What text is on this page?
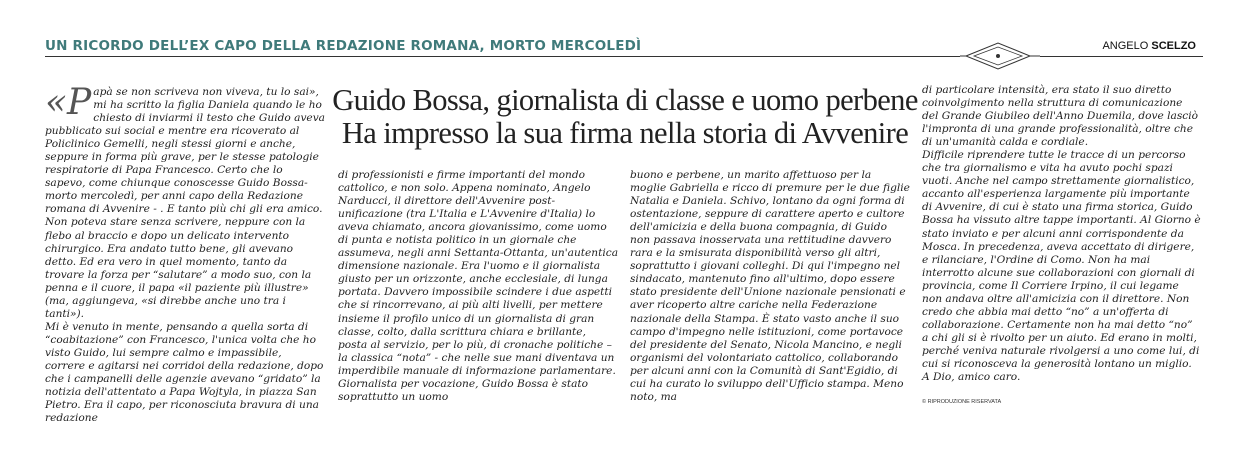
UN RICORDO DELL’EX CAPO DELLA REDAZIONE ROMANA, MORTO MERCOLEDÌ	ANGELO SCELZO

«P apà se non scriveva non viveva, tu lo sai», mi ha scritto la figlia Daniela quando le ho chiesto di inviarmi il testo che Guido aveva pubblicato sui social e mentre era ricoverato al Policlinico Gemelli, negli stessi giorni e anche, seppure in forma più grave, per le stesse patologie respiratorie di Papa Francesco. Certo che lo sapevo, come chiunque conoscesse Guido Bossa- morto mercoledì, per anni capo della Redazione romana di Avvenire - . E tanto più chi gli era amico. Non poteva stare senza scrivere, neppure con la flebo al braccio e dopo un delicato intervento chirurgico. Era andato tutto bene, gli avevano detto. Ed era vero in quel momento, tanto da trovare la forza per “salutare” a modo suo, con la penna e il cuore, il papa «il paziente più illustre» (ma, aggiungeva, «si direbbe anche uno tra i tanti»).

Mi è venuto in mente, pensando a quella sorta di “coabitazione” con Francesco, l'unica volta che ho visto Guido, lui sempre calmo e impassibile, correre e agitarsi nei corridoi della redazione, dopo che i campanelli delle agenzie avevano “gridato” la notizia dell'attentato a Papa Wojtyla, in piazza San Pietro. Era il capo, per riconosciuta bravura di una redazione

Guido Bossa, giornalista di classe e uomo perbene
Ha impresso la sua firma nella storia di Avvenire

di professionisti e firme importanti del mondo cattolico, e non solo. Appena nominato, Angelo Narducci, il direttore dell'Avvenire post-unificazione (tra L'Italia e L'Avvenire d'Italia) lo aveva chiamato, ancora giovanissimo, come uomo di punta e notista politico in un giornale che assumeva, negli anni Settanta-Ottanta, un'autentica dimensione nazionale. Era l'uomo e il giornalista giusto per un orizzonte, anche ecclesiale, di lunga portata. Davvero impossibile scindere i due aspetti che si rincorrevano, ai più alti livelli, per mettere insieme il profilo unico di un giornalista di gran classe, colto, dalla scrittura chiara e brillante, posta al servizio, per lo più, di cronache politiche – la classica “nota” - che nelle sue mani diventava un imperdibile manuale di informazione parlamentare. Giornalista per vocazione, Guido Bossa è stato soprattutto un uomo

buono e perbene, un marito affettuoso per la moglie Gabriella e ricco di premure per le due figlie Natalia e Daniela. Schivo, lontano da ogni forma di ostentazione, seppure di carattere aperto e cultore dell'amicizia e della buona compagnia, di Guido non passava inosservata una rettitudine davvero rara e la smisurata disponibilità verso gli altri, soprattutto i giovani colleghi. Di qui l'impegno nel sindacato, mantenuto fino all'ultimo, dopo essere stato presidente dell'Unione nazionale pensionati e aver ricoperto altre cariche nella Federazione nazionale della Stampa. È stato vasto anche il suo campo d'impegno nelle istituzioni, come portavoce del presidente del Senato, Nicola Mancino, e negli organismi del volontariato cattolico, collaborando per alcuni anni con la Comunità di Sant'Egidio, di cui ha curato lo sviluppo dell'Ufficio stampa. Meno noto, ma

di particolare intensità, era stato il suo diretto coinvolgimento nella struttura di comunicazione del Grande Giubileo dell'Anno Duemila, dove lasciò l'impronta di una grande professionalità, oltre che di un'umanità calda e cordiale.

Difficile riprendere tutte le tracce di un percorso che tra giornalismo e vita ha avuto pochi spazi vuoti. Anche nel campo strettamente giornalistico, accanto all'esperienza largamente più importante di Avvenire, di cui è stato una firma storica, Guido Bossa ha vissuto altre tappe importanti. Al Giorno è stato inviato e per alcuni anni corrispondente da Mosca. In precedenza, aveva accettato di dirigere, e rilanciare, l'Ordine di Como. Non ha mai interrotto alcune sue collaborazioni con giornali di provincia, come Il Corriere Irpino, il cui legame non andava oltre all'amicizia con il direttore. Non credo che abbia mai detto “no” a un'offerta di collaborazione. Certamente non ha mai detto “no” a chi gli si è rivolto per un aiuto. Ed erano in molti, perché veniva naturale rivolgersi a uno come lui, di cui si riconosceva la generosità lontano un miglio.

A Dio, amico caro.

© RIPRODUZIONE RISERVATA
